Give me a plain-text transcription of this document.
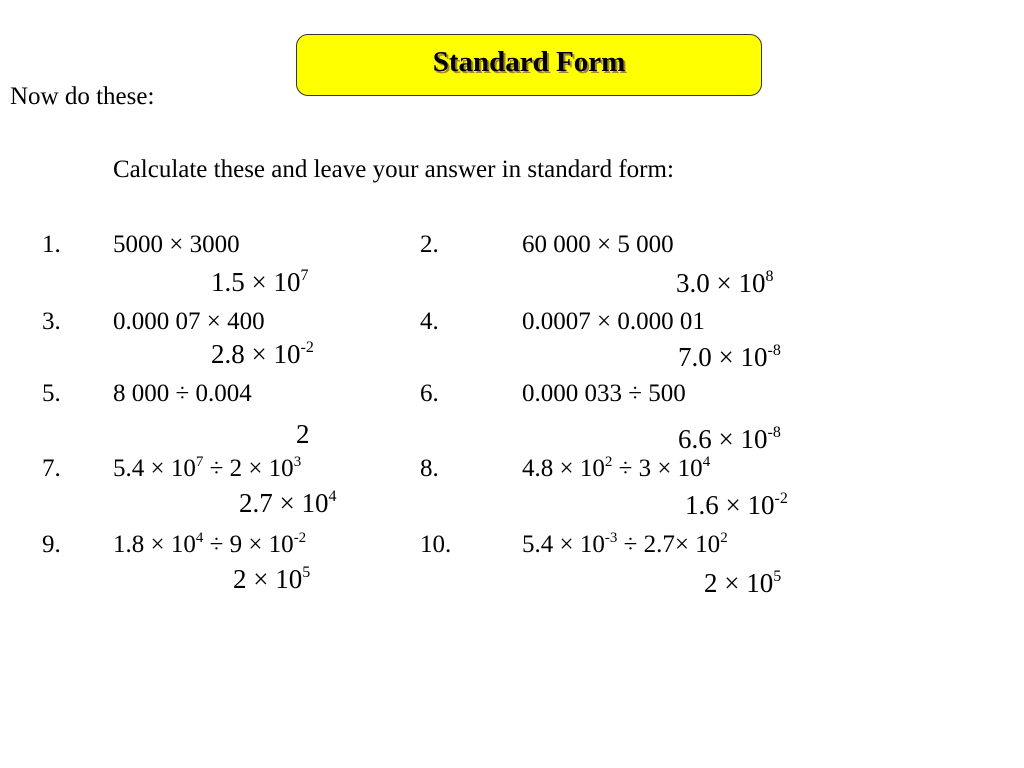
Standard Form
Now do these:
Calculate these and leave your answer in standard form:
1. 5000 × 3000
$1.5 \times 10^7$
2.	60 000 × 5 000
$3.0 \times 10^8$
3. 0.000 07 × 400
$2.8 \times 10^{-2}$
4.	0.0007 × 0.000 01
$7.0 \times 10^{-8}$
5. 8 000 ÷ 0.004
2
6.	0.000 033 ÷ 500
$6.6 \times 10^{-8}$
7. $5.4 \times 10^7 \div 2 \times 10^3$
$2.7 \times 10^4$
8.	$4.8 \times 10^2 \div 3 \times 10^4$
$1.6 \times 10^{-2}$
9. $1.8 \times 10^4 \div 9 \times 10^{-2}$
$2 \times 10^5$
10.	$5.4 \times 10^{-3} \div 2.7\times 10^2$
$2 \times 10^5$
